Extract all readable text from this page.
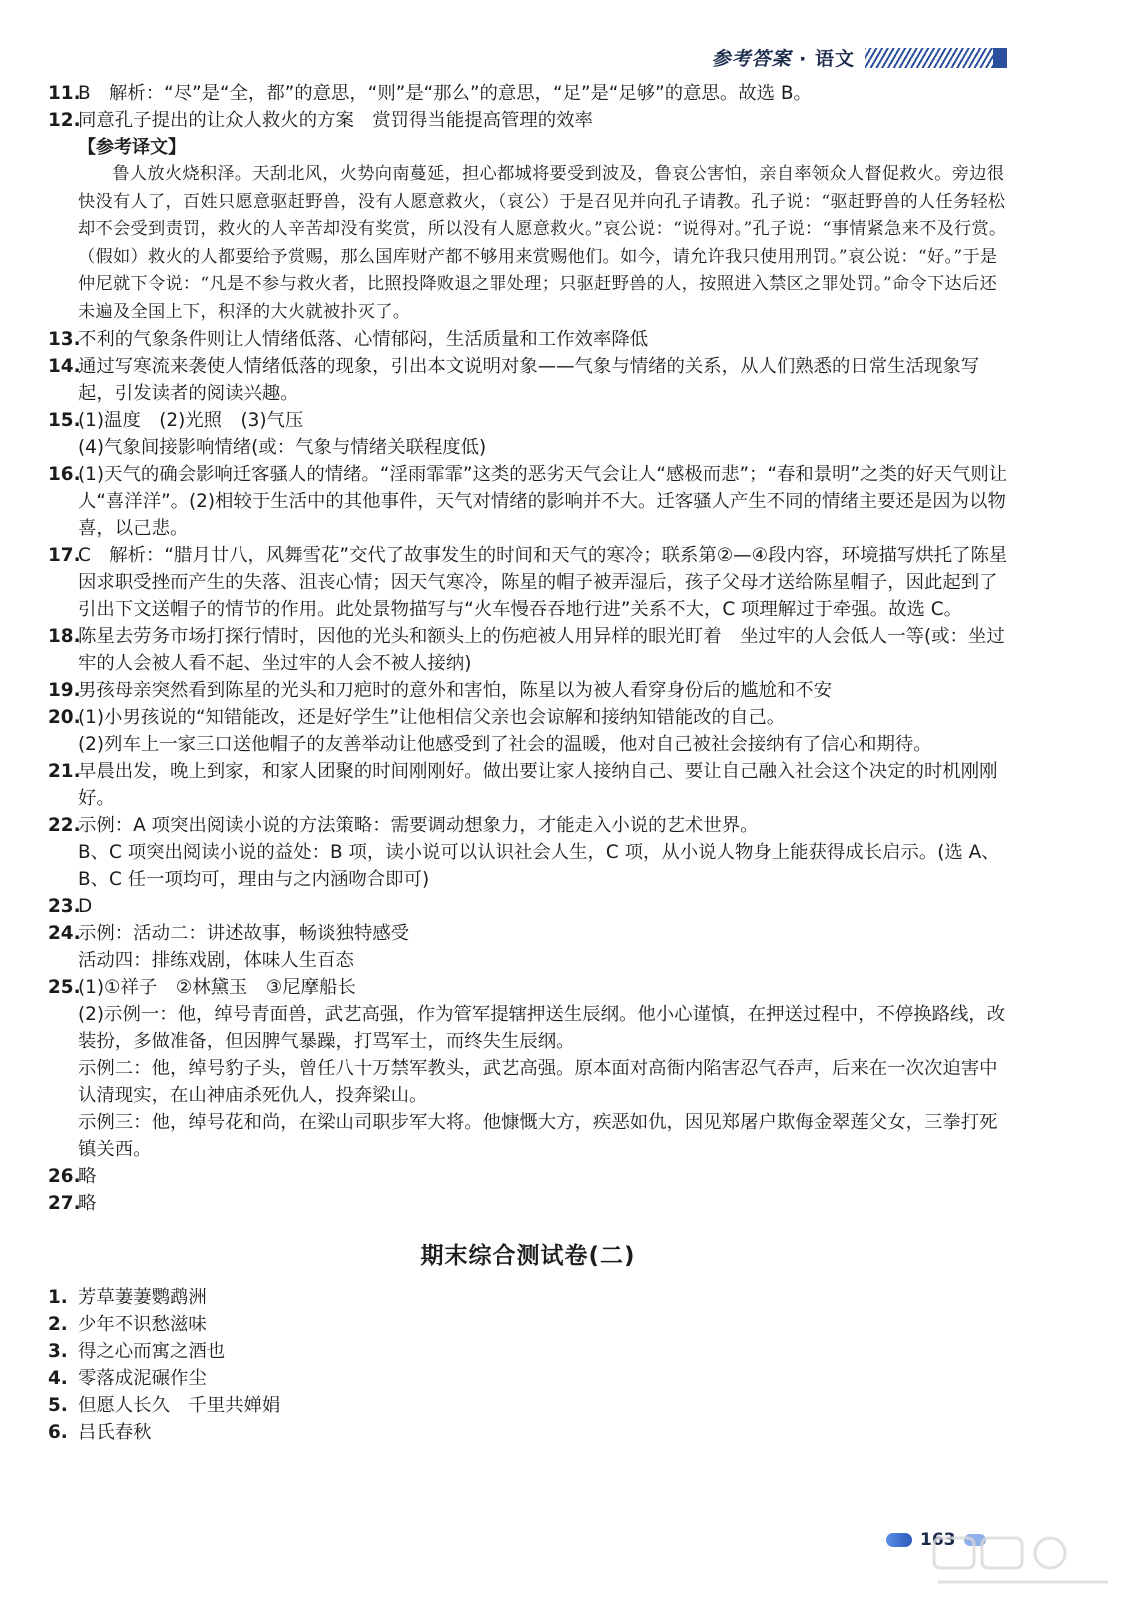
参考答案 · 语文
11.
B　解析：“尽”是“全，都”的意思，“则”是“那么”的意思，“足”是“足够”的意思。故选 B。
12.
同意孔子提出的让众人救火的方案　赏罚得当能提高管理的效率
【参考译文】
鲁人放火烧积泽。天刮北风，火势向南蔓延，担心都城将要受到波及，鲁哀公害怕，亲自率领众人督促救火。旁边很快没有人了，百姓只愿意驱赶野兽，没有人愿意救火，（哀公）于是召见并向孔子请教。孔子说：“驱赶野兽的人任务轻松却不会受到责罚，救火的人辛苦却没有奖赏，所以没有人愿意救火。”哀公说：“说得对。”孔子说：“事情紧急来不及行赏。（假如）救火的人都要给予赏赐，那么国库财产都不够用来赏赐他们。如今，请允许我只使用刑罚。”哀公说：“好。”于是仲尼就下令说：“凡是不参与救火者，比照投降败退之罪处理；只驱赶野兽的人，按照进入禁区之罪处罚。”命令下达后还未遍及全国上下，积泽的大火就被扑灭了。
13.
不利的气象条件则让人情绪低落、心情郁闷，生活质量和工作效率降低
14.
通过写寒流来袭使人情绪低落的现象，引出本文说明对象——气象与情绪的关系，从人们熟悉的日常生活现象写起，引发读者的阅读兴趣。
15.
(1)温度　(2)光照　(3)气压
(4)气象间接影响情绪(或：气象与情绪关联程度低)
16.
(1)天气的确会影响迁客骚人的情绪。“淫雨霏霏”这类的恶劣天气会让人“感极而悲”；“春和景明”之类的好天气则让人“喜洋洋”。(2)相较于生活中的其他事件，天气对情绪的影响并不大。迁客骚人产生不同的情绪主要还是因为以物喜，以己悲。
17.
C　解析：“腊月廿八，风舞雪花”交代了故事发生的时间和天气的寒冷；联系第②—④段内容，环境描写烘托了陈星因求职受挫而产生的失落、沮丧心情；因天气寒冷，陈星的帽子被弄湿后，孩子父母才送给陈星帽子，因此起到了引出下文送帽子的情节的作用。此处景物描写与“火车慢吞吞地行进”关系不大，C 项理解过于牵强。故选 C。
18.
陈星去劳务市场打探行情时，因他的光头和额头上的伤疤被人用异样的眼光盯着　坐过牢的人会低人一等(或：坐过牢的人会被人看不起、坐过牢的人会不被人接纳)
19.
男孩母亲突然看到陈星的光头和刀疤时的意外和害怕，陈星以为被人看穿身份后的尴尬和不安
20.
(1)小男孩说的“知错能改，还是好学生”让他相信父亲也会谅解和接纳知错能改的自己。
(2)列车上一家三口送他帽子的友善举动让他感受到了社会的温暖，他对自己被社会接纳有了信心和期待。
21.
早晨出发，晚上到家，和家人团聚的时间刚刚好。做出要让家人接纳自己、要让自己融入社会这个决定的时机刚刚好。
22.
示例：A 项突出阅读小说的方法策略：需要调动想象力，才能走入小说的艺术世界。
B、C 项突出阅读小说的益处：B 项，读小说可以认识社会人生，C 项，从小说人物身上能获得成长启示。(选 A、B、C 任一项均可，理由与之内涵吻合即可)
23.
D
24.
示例：活动二：讲述故事，畅谈独特感受
活动四：排练戏剧，体味人生百态
25.
(1)①祥子　②林黛玉　③尼摩船长
(2)示例一：他，绰号青面兽，武艺高强，作为管军提辖押送生辰纲。他小心谨慎，在押送过程中，不停换路线，改装扮，多做准备，但因脾气暴躁，打骂军士，而终失生辰纲。
示例二：他，绰号豹子头，曾任八十万禁军教头，武艺高强。原本面对高衙内陷害忍气吞声，后来在一次次迫害中认清现实，在山神庙杀死仇人，投奔梁山。
示例三：他，绰号花和尚，在梁山司职步军大将。他慷慨大方，疾恶如仇，因见郑屠户欺侮金翠莲父女，三拳打死镇关西。
26.
略
27.
略
期末综合测试卷(二)
1. 芳草萋萋鹦鹉洲
2. 少年不识愁滋味
3. 得之心而寓之酒也
4. 零落成泥碾作尘
5. 但愿人长久　千里共婵娟
6. 吕氏春秋
163
